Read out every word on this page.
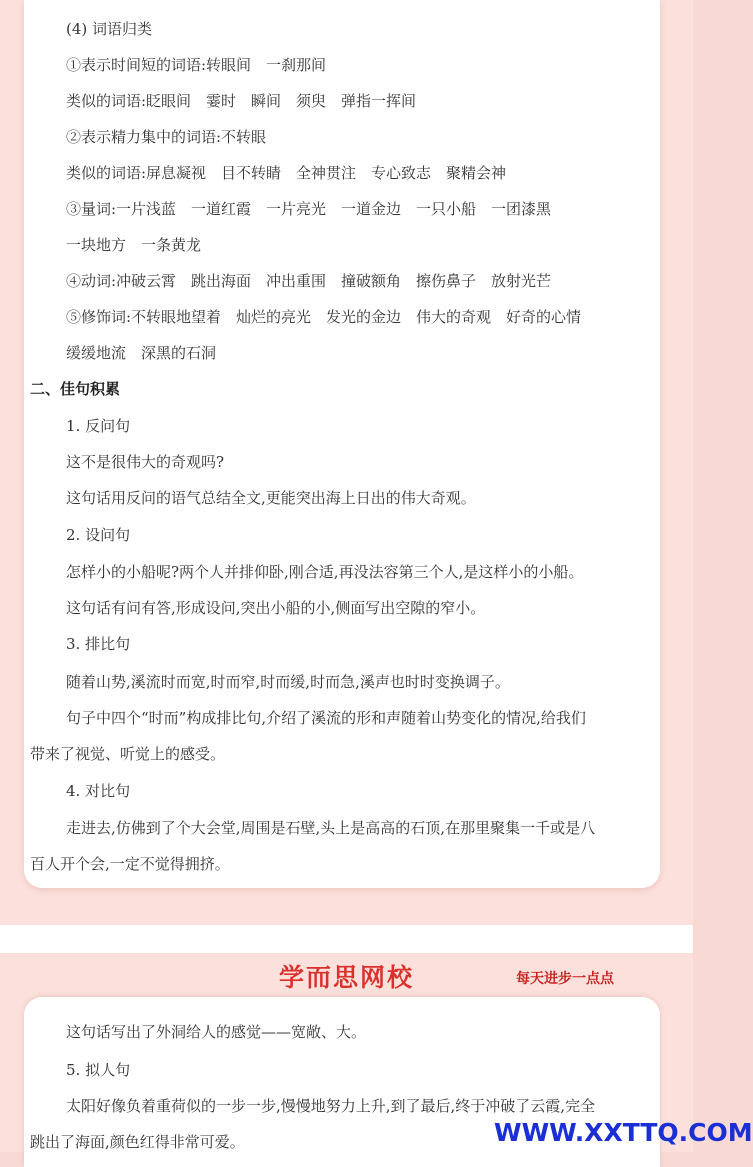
(4) 词语归类
①表示时间短的词语:转眼间　一刹那间
类似的词语:眨眼间　霎时　瞬间　须臾　弹指一挥间
②表示精力集中的词语:不转眼
类似的词语:屏息凝视　目不转睛　全神贯注　专心致志　聚精会神
③量词:一片浅蓝　一道红霞　一片亮光　一道金边　一只小船　一团漆黑
一块地方　一条黄龙
④动词:冲破云霄　跳出海面　冲出重围　撞破额角　擦伤鼻子　放射光芒
⑤修饰词:不转眼地望着　灿烂的亮光　发光的金边　伟大的奇观　好奇的心情
缓缓地流　深黑的石洞
二、佳句积累
1. 反问句
这不是很伟大的奇观吗?
这句话用反问的语气总结全文,更能突出海上日出的伟大奇观。
2. 设问句
怎样小的小船呢?两个人并排仰卧,刚合适,再没法容第三个人,是这样小的小船。
这句话有问有答,形成设问,突出小船的小,侧面写出空隙的窄小。
3. 排比句
随着山势,溪流时而宽,时而窄,时而缓,时而急,溪声也时时变换调子。
句子中四个“时而”构成排比句,介绍了溪流的形和声随着山势变化的情况,给我们
带来了视觉、听觉上的感受。
4. 对比句
走进去,仿佛到了个大会堂,周围是石壁,头上是高高的石顶,在那里聚集一千或是八
百人开个会,一定不觉得拥挤。
学而思网校	每天进步一点点
这句话写出了外洞给人的感觉——宽敞、大。
5. 拟人句
太阳好像负着重荷似的一步一步,慢慢地努力上升,到了最后,终于冲破了云霞,完全
跳出了海面,颜色红得非常可爱。	WWW.XXTTQ.COM
